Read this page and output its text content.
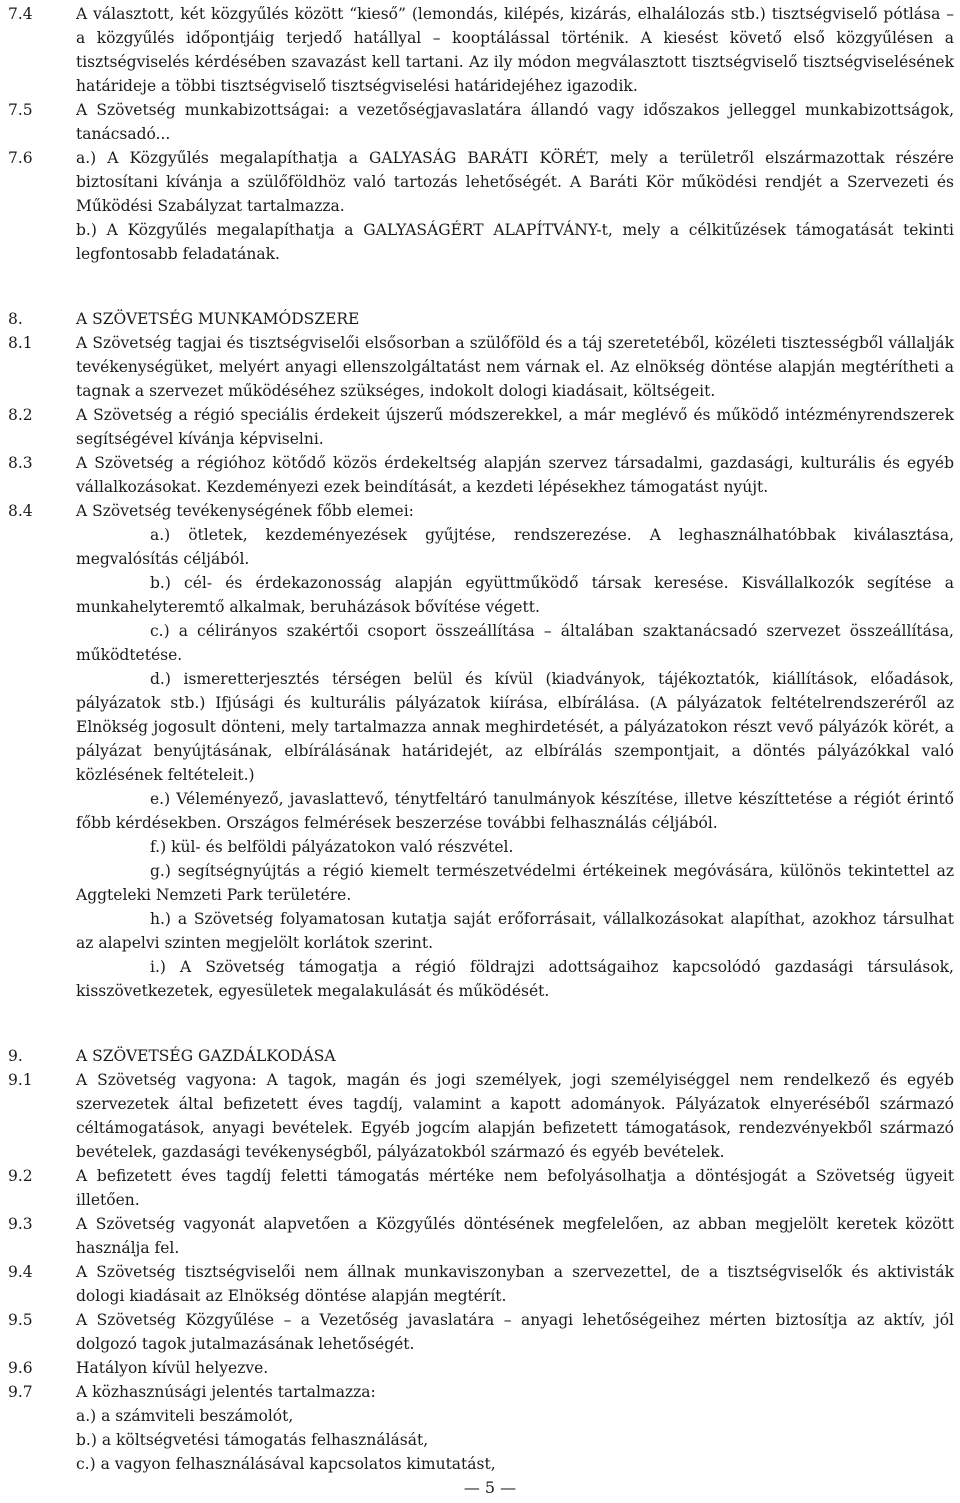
7.4	A választott, két közgyűlés között “kieső” (lemondás, kilépés, kizárás, elhalálozás stb.) tisztségviselő pótlása – a közgyűlés időpontjáig terjedő hatállyal – kooptálással történik. A kiesést követő első közgyűlésen a tisztségviselés kérdésében szavazást kell tartani. Az ily módon megválasztott tisztségviselő tisztségviselésének határideje a többi tisztségviselő tisztségviselési határidejéhez igazodik.
7.5	A Szövetség munkabizottságai: a vezetőségjavaslatára állandó vagy időszakos jelleggel munkabizottságok, tanácsadó...
7.6	a.) A Közgyűlés megalapíthatja a GALYASÁG BARÁTI KÖRÉT, mely a területről elszármazottak részére biztosítani kívánja a szülőföldhöz való tartozás lehetőségét. A Baráti Kör működési rendjét a Szervezeti és Működési Szabályzat tartalmazza.
b.) A Közgyűlés megalapíthatja a GALYASÁGÉRT ALAPÍTVÁNY-t, mely a célkitűzések támogatását tekinti legfontosabb feladatának.
8.	A SZÖVETSÉG MUNKAMÓDSZERE
8.1	A Szövetség tagjai és tisztségviselői elsősorban a szülőföld és a táj szeretetéből, közéleti tisztességből vállalják tevékenységüket, melyért anyagi ellenszolgáltatást nem várnak el. Az elnökség döntése alapján megtérítheti a tagnak a szervezet működéséhez szükséges, indokolt dologi kiadásait, költségeit.
8.2	A Szövetség a régió speciális érdekeit újszerű módszerekkel, a már meglévő és működő intézményrendszerek segítségével kívánja képviselni.
8.3	A Szövetség a régióhoz kötődő közös érdekeltség alapján szervez társadalmi, gazdasági, kulturális és egyéb vállalkozásokat. Kezdeményezi ezek beindítását, a kezdeti lépésekhez támogatást nyújt.
8.4	A Szövetség tevékenységének főbb elemei:
a.) ötletek, kezdeményezések gyűjtése, rendszerezése. A leghasználhatóbbak kiválasztása, megvalósítás céljából.
b.) cél- és érdekazonosság alapján együttműködő társak keresése. Kisvállalkozók segítése a munkahelyteremtő alkalmak, beruházások bővítése végett.
c.) a célirányos szakértői csoport összeállítása – általában szaktanácsadó szervezet összeállítása, működtetése.
d.) ismeretterjesztés térségen belül és kívül (kiadványok, tájékoztatók, kiállítások, előadások, pályázatok stb.) Ifjúsági és kulturális pályázatok kiírása, elbírálása. (A pályázatok feltételrendszeréről az Elnökség jogosult dönteni, mely tartalmazza annak meghirdetését, a pályázatokon részt vevő pályázók körét, a pályázat benyújtásának, elbírálásának határidejét, az elbírálás szempontjait, a döntés pályázókkal való közlésének feltételeit.)
e.) Véleményező, javaslattevő, ténytfeltáró tanulmányok készítése, illetve készíttetése a régiót érintő főbb kérdésekben. Országos felmérések beszerzése további felhasználás céljából.
f.) kül- és belföldi pályázatokon való részvétel.
g.) segítségnyújtás a régió kiemelt természetvédelmi értékeinek megóvására, különös tekintettel az Aggteleki Nemzeti Park területére.
h.) a Szövetség folyamatosan kutatja saját erőforrásait, vállalkozásokat alapíthat, azokhoz társulhat az alapelvi szinten megjelölt korlátok szerint.
i.) A Szövetség támogatja a régió földrajzi adottságaihoz kapcsolódó gazdasági társulások, kisszövetkezetek, egyesületek megalakulását és működését.
9.	A SZÖVETSÉG GAZDÁLKODÁSA
9.1	A Szövetség vagyona: A tagok, magán és jogi személyek, jogi személyiséggel nem rendelkező és egyéb szervezetek által befizetett éves tagdíj, valamint a kapott adományok. Pályázatok elnyeréséből származó céltámogatások, anyagi bevételek. Egyéb jogcím alapján befizetett támogatások, rendezvényekből származó bevételek, gazdasági tevékenységből, pályázatokból származó és egyéb bevételek.
9.2	A befizetett éves tagdíj feletti támogatás mértéke nem befolyásolhatja a döntésjogát a Szövetség ügyeit illetően.
9.3	A Szövetség vagyonát alapvetően a Közgyűlés döntésének megfelelően, az abban megjelölt keretek között használja fel.
9.4	A Szövetség tisztségviselői nem állnak munkaviszonyban a szervezettel, de a tisztségviselők és aktivisták dologi kiadásait az Elnökség döntése alapján megtérít.
9.5	A Szövetség Közgyűlése – a Vezetőség javaslatára – anyagi lehetőségeihez mérten biztosítja az aktív, jól dolgozó tagok jutalmazásának lehetőségét.
9.6	Hatályon kívül helyezve.
9.7	A közhasznúsági jelentés tartalmazza:
a.) a számviteli beszámolót,
b.) a költségvetési támogatás felhasználását,
c.) a vagyon felhasználásával kapcsolatos kimutatást,
— 5 —
